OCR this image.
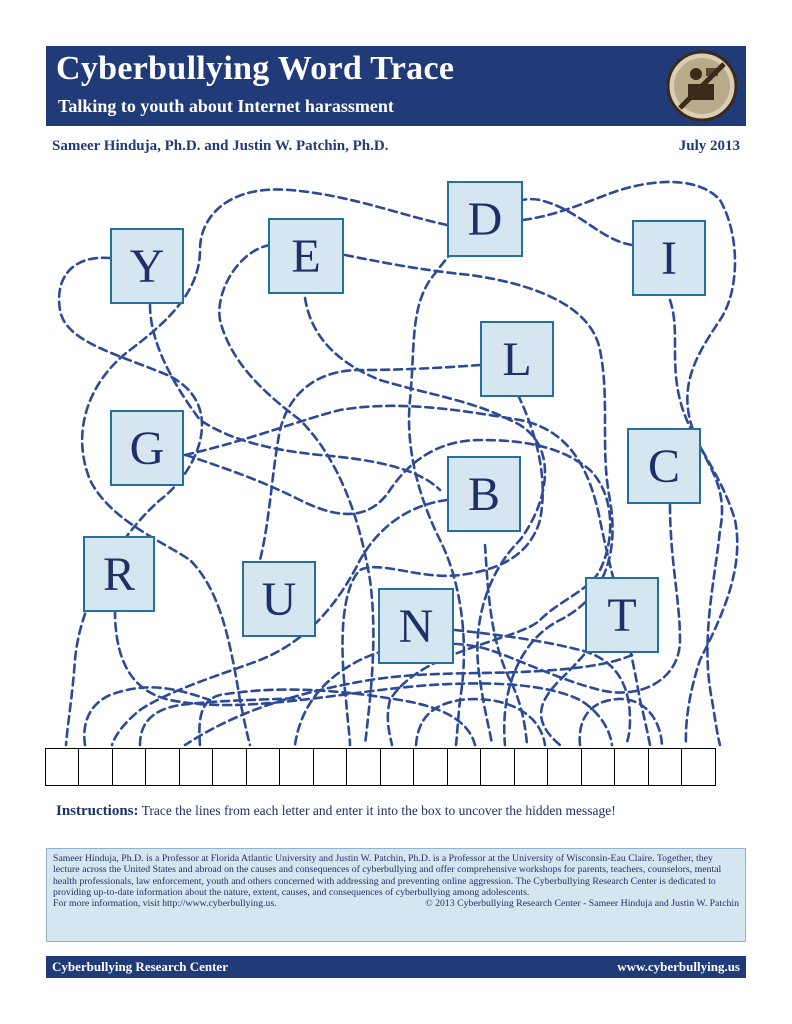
Cyberbullying Word Trace
Talking to youth about Internet harassment
Sameer Hinduja, Ph.D. and Justin W. Patchin, Ph.D.	July 2013
Y	E
D
I
L
G	C
B
R	U
N	T
Instructions: Trace the lines from each letter and enter it into the box to uncover the hidden message!
Sameer Hinduja, Ph.D. is a Professor at Florida Atlantic University and Justin W. Patchin, Ph.D. is a Professor at the University of Wisconsin-Eau Claire. Together, they lecture across the United States and abroad on the causes and consequences of cyberbullying and offer comprehensive workshops for parents, teachers, counselors, mental health professionals, law enforcement, youth and others concerned with addressing and preventing online aggression. The Cyberbullying Research Center is dedicated to providing up-to-date information about the nature, extent, causes, and consequences of cyberbullying among adolescents.
For more information, visit http://www.cyberbullying.us.	© 2013 Cyberbullying Research Center - Sameer Hinduja and Justin W. Patchin
Cyberbullying Research Center	www.cyberbullying.us
